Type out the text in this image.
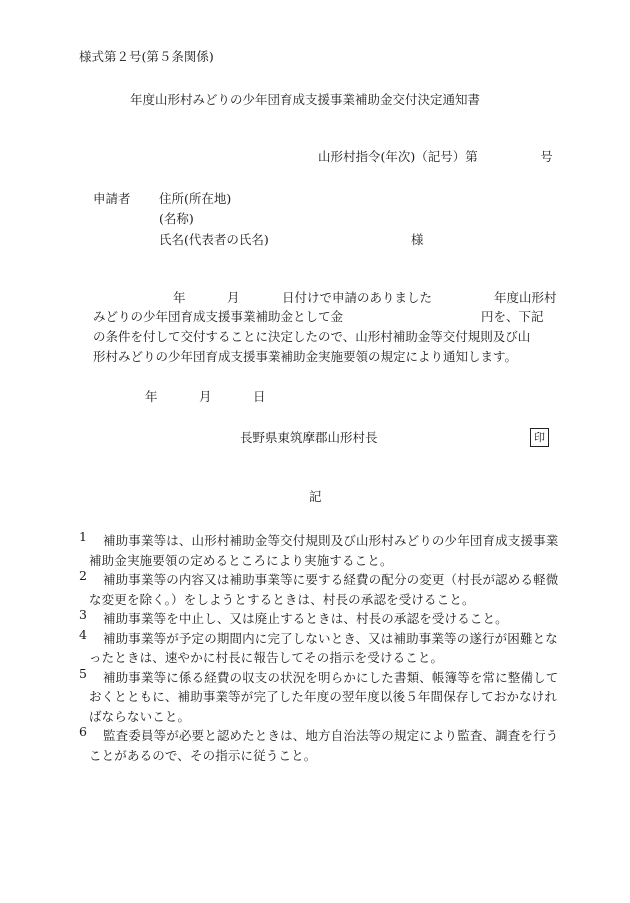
様式第２号(第５条関係)
年度山形村みどりの少年団育成支援事業補助金交付決定通知書
山形村指令(年次)（記号）第　　　　　号
申請者 住所(所在地)
(名称)
氏名(代表者の氏名)	様
年	月	日付けで申請のありました	年度山形村
みどりの少年団育成支援事業補助金として金	円を、下記
の条件を付して交付することに決定したので、山形村補助金等交付規則及び山
形村みどりの少年団育成支援事業補助金実施要領の規定により通知します。
年	月	日
長野県東筑摩郡山形村長	印
記
1	補助事業等は、山形村補助金等交付規則及び山形村みどりの少年団育成支援事業補助金実施要領の定めるところにより実施すること。
2	補助事業等の内容又は補助事業等に要する経費の配分の変更（村長が認める軽微な変更を除く。）をしようとするときは、村長の承認を受けること。
3	補助事業等を中止し、又は廃止するときは、村長の承認を受けること。
4	補助事業等が予定の期間内に完了しないとき、又は補助事業等の遂行が困難となったときは、速やかに村長に報告してその指示を受けること。
5	補助事業等に係る経費の収支の状況を明らかにした書類、帳簿等を常に整備しておくとともに、補助事業等が完了した年度の翌年度以後５年間保存しておかなければならないこと。
6	監査委員等が必要と認めたときは、地方自治法等の規定により監査、調査を行うことがあるので、その指示に従うこと。
